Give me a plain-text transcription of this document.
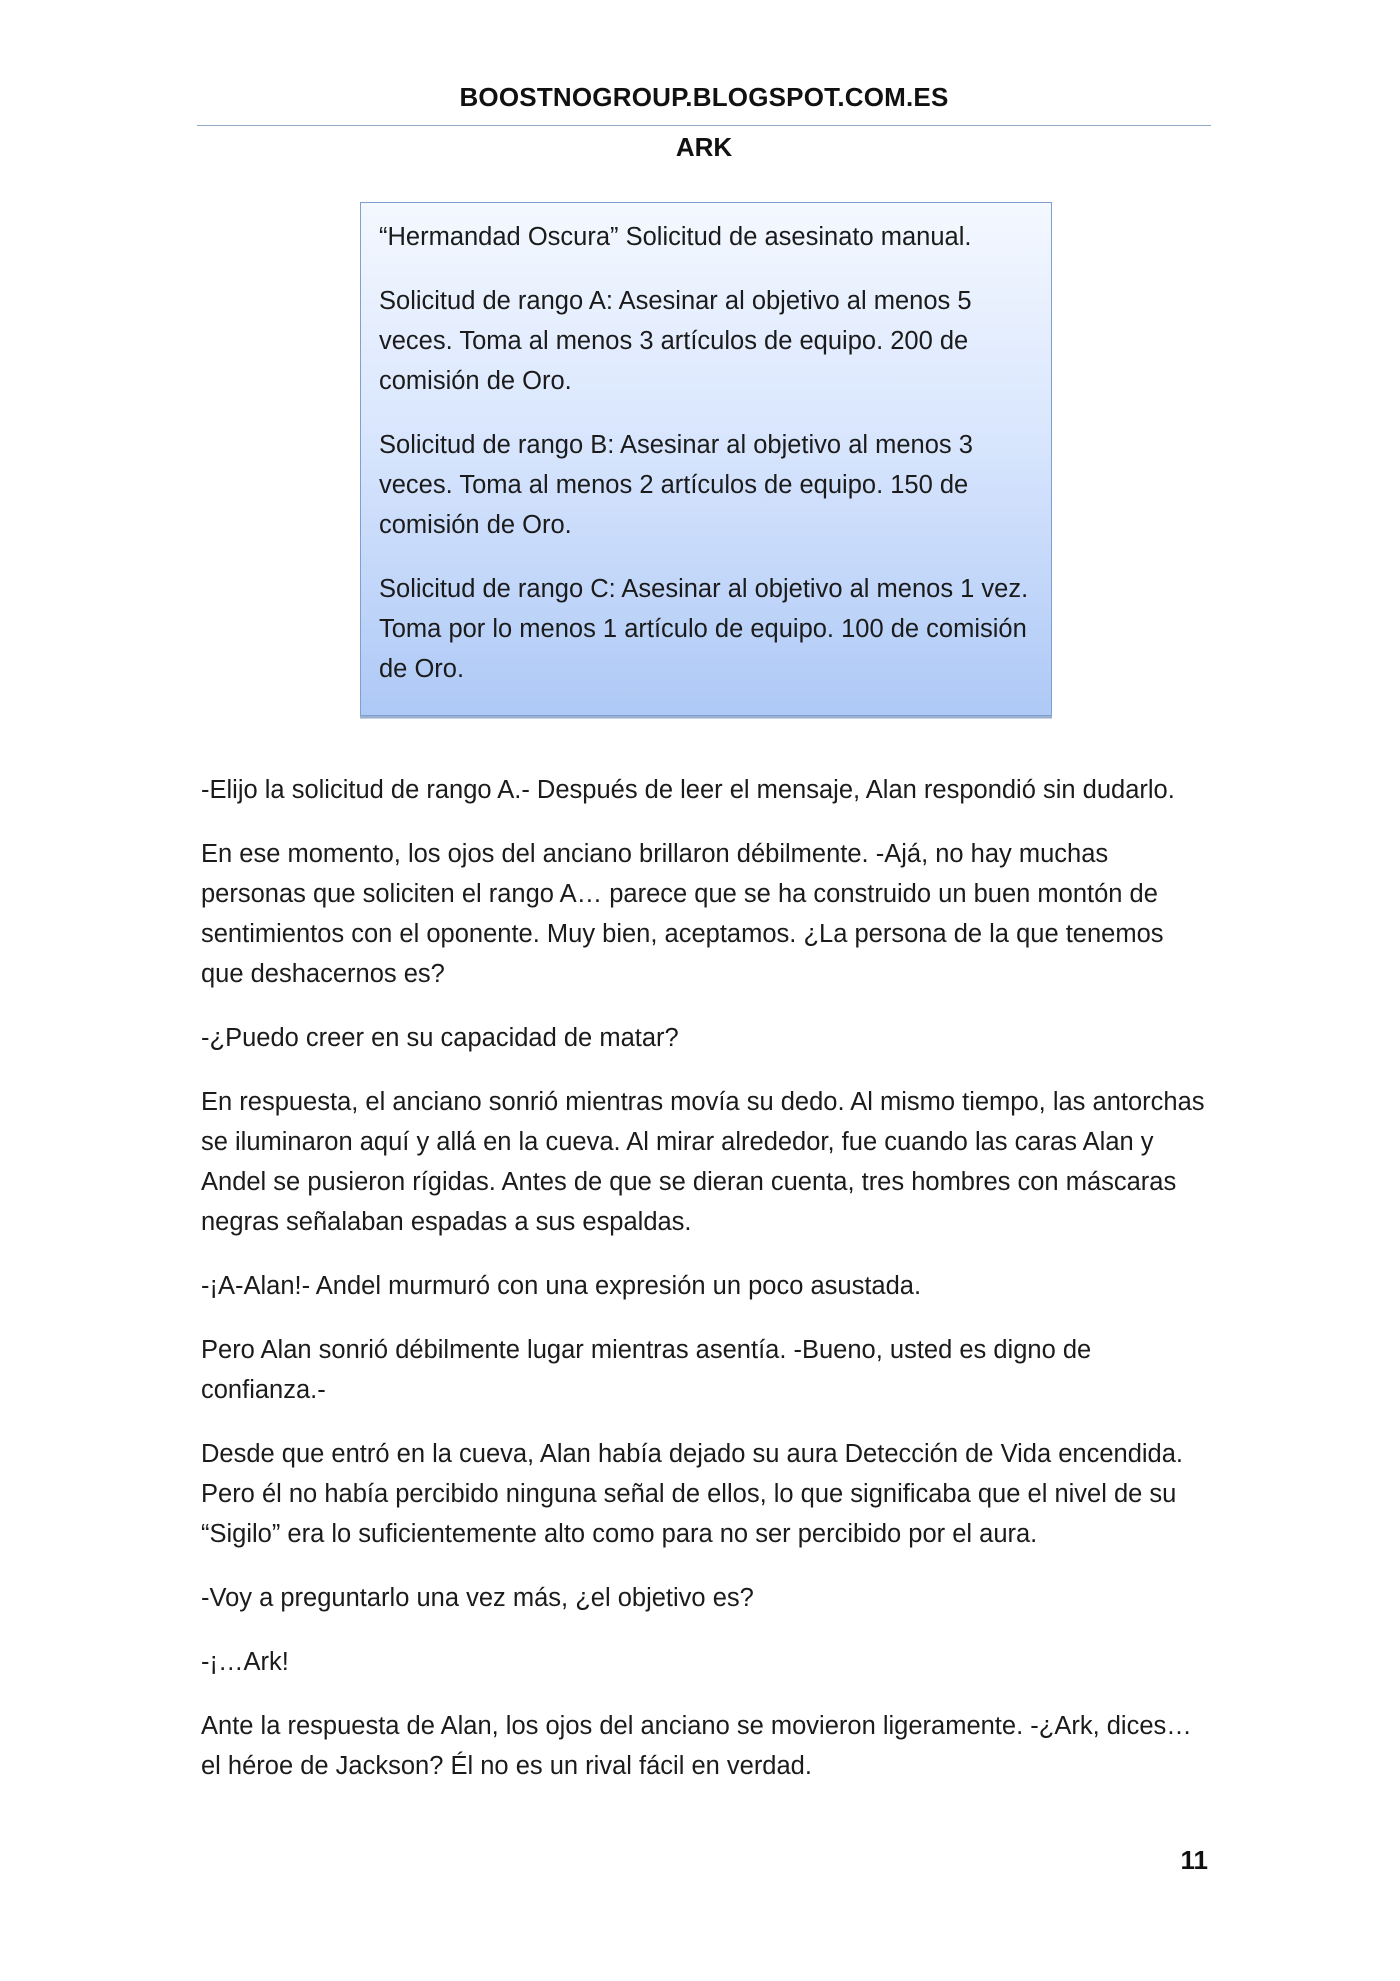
BOOSTNOGROUP.BLOGSPOT.COM.ES
ARK

“Hermandad Oscura” Solicitud de asesinato manual.

Solicitud de rango A: Asesinar al objetivo al menos 5 veces. Toma al menos 3 artículos de equipo. 200 de comisión de Oro.

Solicitud de rango B: Asesinar al objetivo al menos 3 veces. Toma al menos 2 artículos de equipo. 150 de comisión de Oro.

Solicitud de rango C: Asesinar al objetivo al menos 1 vez. Toma por lo menos 1 artículo de equipo. 100 de comisión de Oro.

-Elijo la solicitud de rango A.- Después de leer el mensaje, Alan respondió sin dudarlo.

En ese momento, los ojos del anciano brillaron débilmente. -Ajá, no hay muchas personas que soliciten el rango A… parece que se ha construido un buen montón de sentimientos con el oponente. Muy bien, aceptamos. ¿La persona de la que tenemos que deshacernos es?

-¿Puedo creer en su capacidad de matar?

En respuesta, el anciano sonrió mientras movía su dedo. Al mismo tiempo, las antorchas se iluminaron aquí y allá en la cueva. Al mirar alrededor, fue cuando las caras Alan y Andel se pusieron rígidas. Antes de que se dieran cuenta, tres hombres con máscaras negras señalaban espadas a sus espaldas.

-¡A-Alan!- Andel murmuró con una expresión un poco asustada.

Pero Alan sonrió débilmente lugar mientras asentía. -Bueno, usted es digno de confianza.-

Desde que entró en la cueva, Alan había dejado su aura Detección de Vida encendida. Pero él no había percibido ninguna señal de ellos, lo que significaba que el nivel de su “Sigilo” era lo suficientemente alto como para no ser percibido por el aura.

-Voy a preguntarlo una vez más, ¿el objetivo es?

-¡…Ark!

Ante la respuesta de Alan, los ojos del anciano se movieron ligeramente. -¿Ark, dices… el héroe de Jackson? Él no es un rival fácil en verdad.

11
